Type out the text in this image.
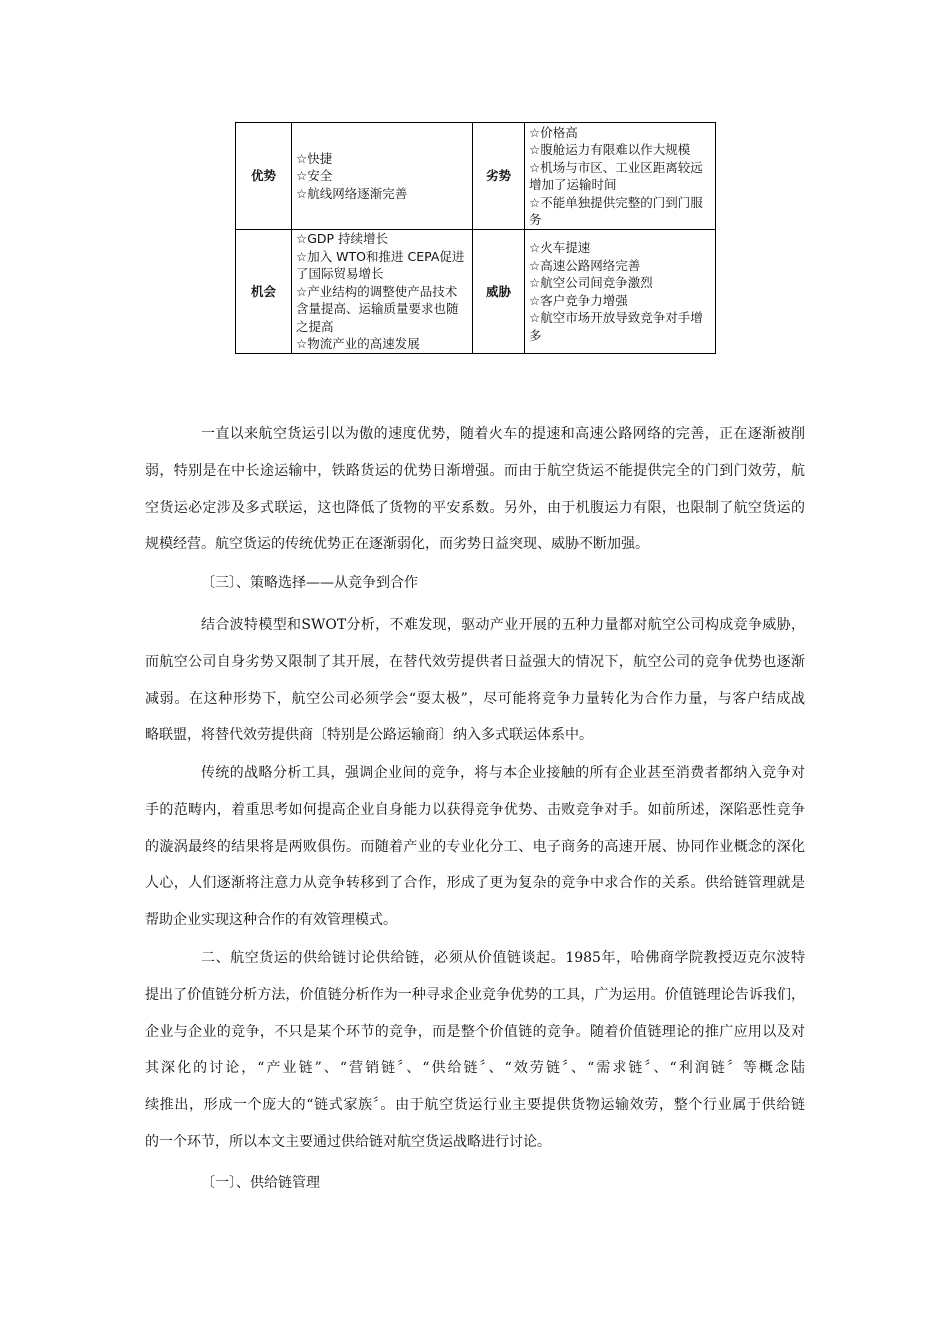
优势	☆快捷
☆安全
☆航线网络逐渐完善	劣势	☆价格高
☆腹舱运力有限难以作大规模
☆机场与市区、工业区距离较远增加了运输时间
☆不能单独提供完整的门到门服务

机会	☆GDP 持续增长
☆加入 WTO和推进 CEPA促进了国际贸易增长
☆产业结构的调整使产品技术含量提高、运输质量要求也随之提高
☆物流产业的高速发展	威胁	☆火车提速
☆高速公路网络完善
☆航空公司间竞争激烈
☆客户竞争力增强
☆航空市场开放导致竞争对手增多
一直以来航空货运引以为傲的速度优势，随着火车的提速和高速公路网络的完善，正在逐渐被削
弱，特别是在中长途运输中，铁路货运的优势日渐增强。而由于航空货运不能提供完全的门到门效劳，航
空货运必定涉及多式联运，这也降低了货物的平安系数。另外，由于机腹运力有限，也限制了航空货运的
规模经营。航空货运的传统优势正在逐渐弱化，而劣势日益突现、威胁不断加强。

〔三〕、策略选择——从竞争到合作

结合波特模型和SWOT分析，不难发现，驱动产业开展的五种力量都对航空公司构成竞争威胁，
而航空公司自身劣势又限制了其开展，在替代效劳提供者日益强大的情况下，航空公司的竞争优势也逐渐
减弱。在这种形势下，航空公司必须学会“耍太极”，尽可能将竞争力量转化为合作力量，与客户结成战
略联盟，将替代效劳提供商〔特别是公路运输商〕纳入多式联运体系中。
传统的战略分析工具，强调企业间的竞争，将与本企业接触的所有企业甚至消费者都纳入竞争对
手的范畴内，着重思考如何提高企业自身能力以获得竞争优势、击败竞争对手。如前所述，深陷恶性竞争
的漩涡最终的结果将是两败俱伤。而随着产业的专业化分工、电子商务的高速开展、协同作业概念的深化
人心，人们逐渐将注意力从竞争转移到了合作，形成了更为复杂的竞争中求合作的关系。供给链管理就是
帮助企业实现这种合作的有效管理模式。
二、航空货运的供给链讨论供给链，必须从价值链谈起。1985年，哈佛商学院教授迈克尔波特
提出了价值链分析方法，价值链分析作为一种寻求企业竞争优势的工具，广为运用。价值链理论告诉我们，
企业与企业的竞争，不只是某个环节的竞争，而是整个价值链的竞争。随着价值链理论的推广应用以及对
其深化的讨论，“产业链”、“营销链〞、“供给链〞、“效劳链〞、“需求链〞、“利润链〞等概念陆
续推出，形成一个庞大的“链式家族〞。由于航空货运行业主要提供货物运输效劳，整个行业属于供给链
的一个环节，所以本文主要通过供给链对航空货运战略进行讨论。

〔一〕、供给链管理
